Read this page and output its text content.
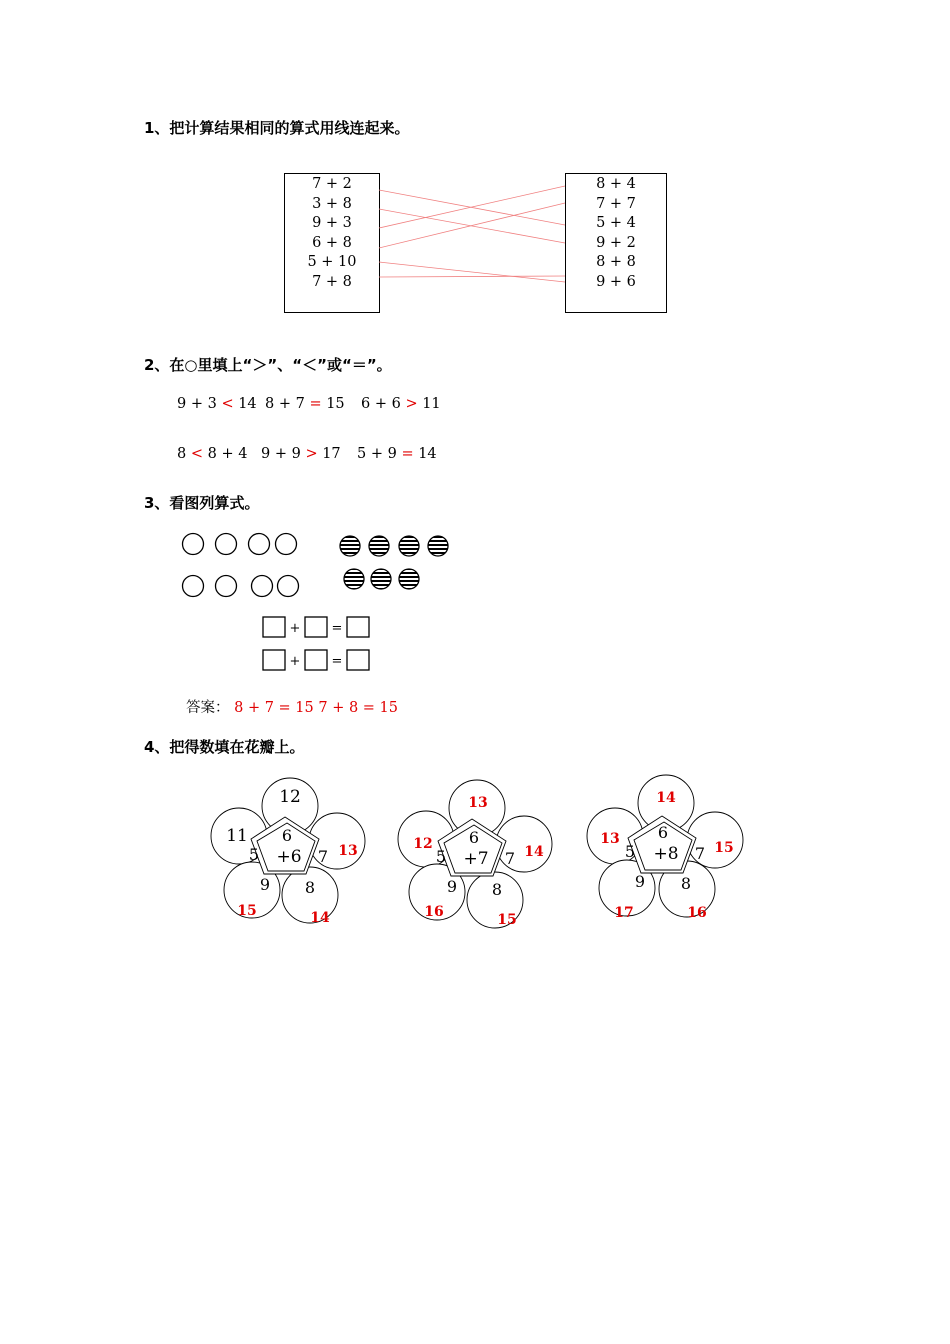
1、把计算结果相同的算式用线连起来。
7 + 2
3 + 8
9 + 3
6 + 8
5 + 10
7 + 8
8 + 4
7 + 7
5 + 4
9 + 2
8 + 8
9 + 6
2、在○里填上“＞”、“＜”或“＝”。
9 + 3 < 14 8 + 7 = 15 6 + 6 > 11
8 < 8 + 4 9 + 9 > 17 5 + 9 = 14
3、看图列算式。
+ =
+ =
答案： 8 + 7 = 15 7 + 8 = 15
4、把得数填在花瓣上。
+6
6
7
8
9
5
12
13
14
15
11
+7
6
7
8
9
5
13
14
15
16
12	+8
6
7
8
9
5
14
15
16
17
13
